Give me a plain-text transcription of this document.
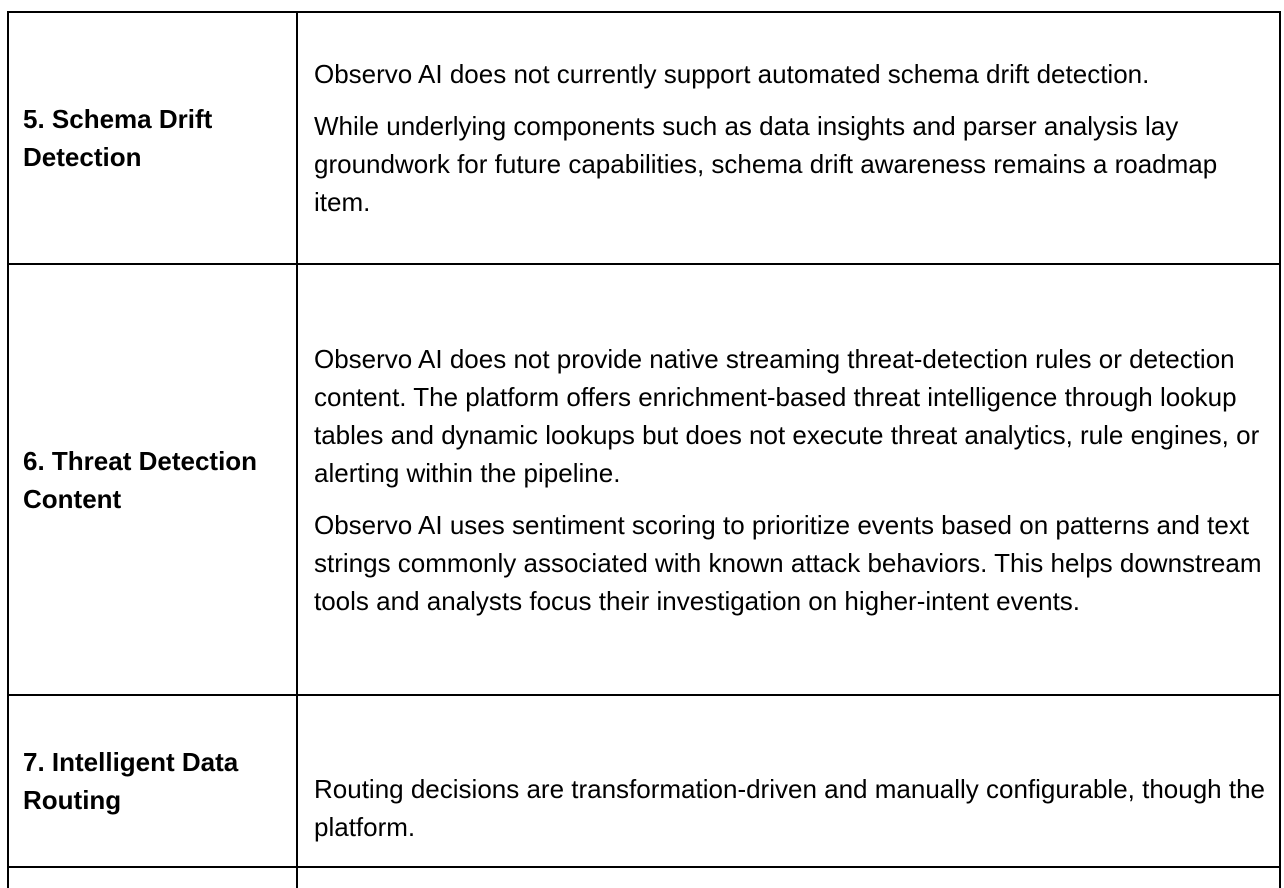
5. Schema Drift Detection

Observo AI does not currently support automated schema drift detection.

While underlying components such as data insights and parser analysis lay groundwork for future capabilities, schema drift awareness remains a roadmap item.

6. Threat Detection Content

Observo AI does not provide native streaming threat-detection rules or detection content. The platform offers enrichment-based threat intelligence through lookup tables and dynamic lookups but does not execute threat analytics, rule engines, or alerting within the pipeline.

Observo AI uses sentiment scoring to prioritize events based on patterns and text strings commonly associated with known attack behaviors. This helps downstream tools and analysts focus their investigation on higher-intent events.

7. Intelligent Data Routing	Routing decisions are transformation-driven and manually configurable, though the platform.
